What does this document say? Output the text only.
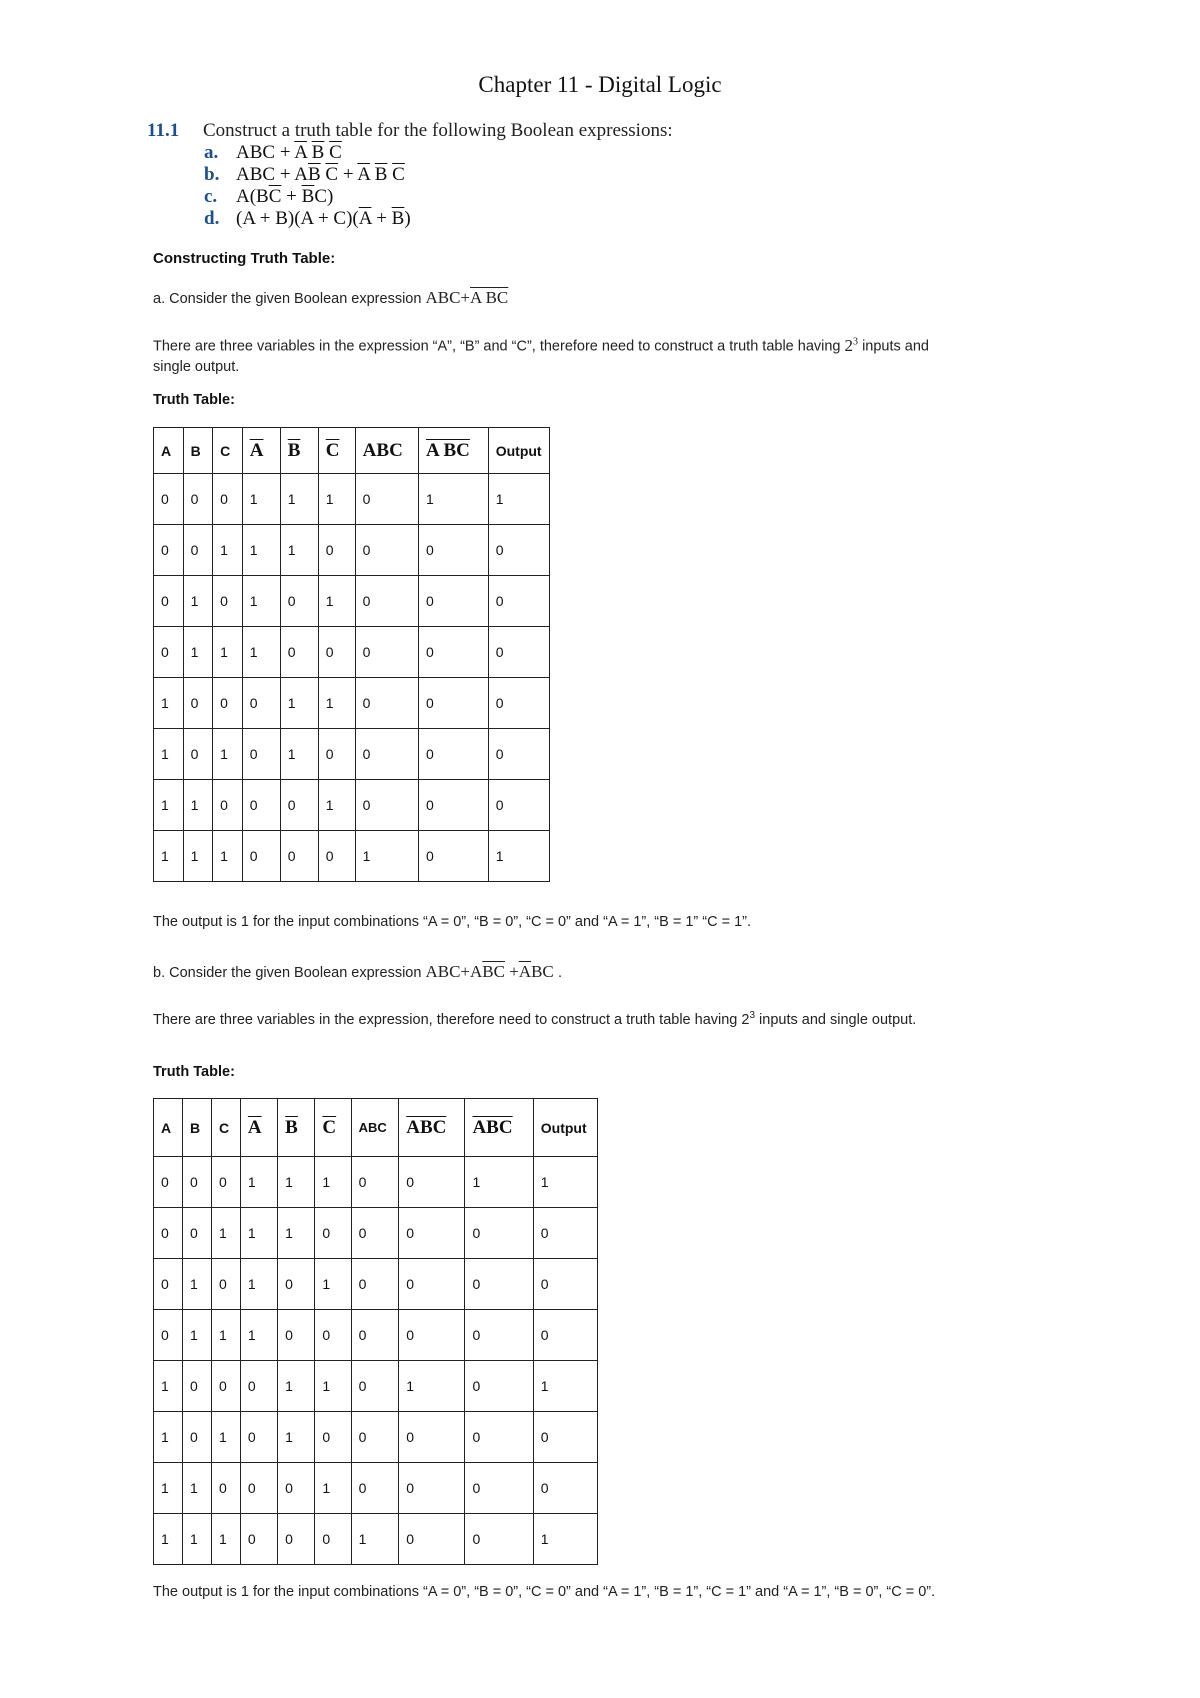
Chapter 11 - Digital Logic
11.1 Construct a truth table for the following Boolean expressions:
a. ABC + $\overline{A}$ $\overline{B}$ $\overline{C}$
b. ABC + $A\overline{B}$ $\overline{C} + \overline{A}$ $\overline{B}$ $\overline{C}$
c. $A(B\overline{C} + \overline{B}C)$
d. $(A + B)(A + C)(\overline{A} + \overline{B})$
Constructing Truth Table:
a. Consider the given Boolean expression ABC+A BC
There are three variables in the expression “A”, “B” and “C”, therefore need to construct a truth table having $2^3$ inputs and single output.
Truth Table:
A	B	C	$\overline{A}$	$\overline{B}$	$\overline{C}$	ABC	A BC	Output
0	0	0	1	1	1	0	1	1
0	0	1	1	1	0	0	0	0
0	1	0	1	0	1	0	0	0
0	1	1	1	0	0	0	0	0
1	0	0	0	1	1	0	0	0
1	0	1	0	1	0	0	0	0
1	1	0	0	0	1	0	0	0
1	1	1	0	0	0	1	0	1
The output is 1 for the input combinations “A = 0”, “B = 0”, “C = 0” and “A = 1”, “B = 1” “C = 1”.
b. Consider the given Boolean expression $ABC+A\overline{BC} +\overline{A}BC$ .
There are three variables in the expression, therefore need to construct a truth table having $2^3$ inputs and single output.
Truth Table:
A	B	C	$\overline{A}$	$\overline{B}$	$\overline{C}$	ABC	$\overline{ABC}$	$\overline{ABC}$	Output
0	0	0	1	1	1	0	0	1	1
0	0	1	1	1	0	0	0	0	0
0	1	0	1	0	1	0	0	0	0
0	1	1	1	0	0	0	0	0	0
1	0	0	0	1	1	0	1	0	1
1	0	1	0	1	0	0	0	0	0
1	1	0	0	0	1	0	0	0	0
1	1	1	0	0	0	1	0	0	1
The output is 1 for the input combinations “A = 0”, “B = 0”, “C = 0” and “A = 1”, “B = 1”, “C = 1” and “A = 1”, “B = 0”, “C = 0”.
